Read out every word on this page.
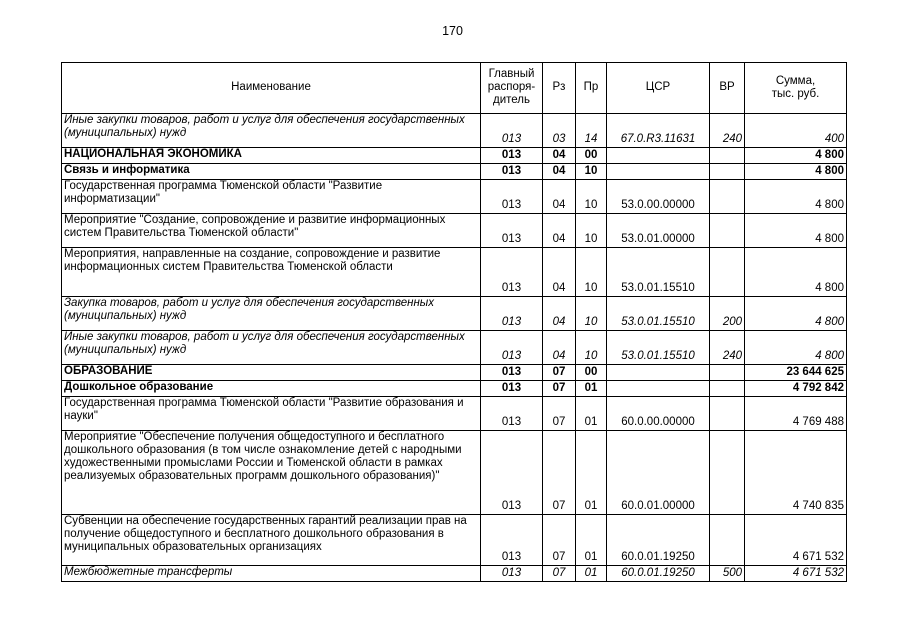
170
Наименование	Главный
распоря-
дитель	Рз	Пр	ЦСР	ВР	Сумма,
тыс. руб.
Иные закупки товаров, работ и услуг для обеспечения государственных (муниципальных) нужд	013	03	14	67.0.R3.11631	240	400
НАЦИОНАЛЬНАЯ ЭКОНОМИКА	013	04	00			4 800
Связь и информатика	013	04	10			4 800
Государственная программа Тюменской области "Развитие информатизации"	013	04	10	53.0.00.00000		4 800
Мероприятие "Создание, сопровождение и развитие информационных систем Правительства Тюменской области"	013	04	10	53.0.01.00000		4 800
Мероприятия, направленные на создание, сопровождение и развитие информационных систем Правительства Тюменской области	013	04	10	53.0.01.15510		4 800
Закупка товаров, работ и услуг для обеспечения государственных (муниципальных) нужд	013	04	10	53.0.01.15510	200	4 800
Иные закупки товаров, работ и услуг для обеспечения государственных (муниципальных) нужд	013	04	10	53.0.01.15510	240	4 800
ОБРАЗОВАНИЕ	013	07	00			23 644 625
Дошкольное образование	013	07	01			4 792 842
Государственная программа Тюменской области "Развитие образования и науки"	013	07	01	60.0.00.00000		4 769 488
Мероприятие "Обеспечение получения общедоступного и бесплатного дошкольного образования (в том числе ознакомление детей с народными художественными промыслами России и Тюменской области в рамках реализуемых образовательных программ дошкольного образования)"	013	07	01	60.0.01.00000		4 740 835
Субвенции на обеспечение государственных гарантий реализации прав на получение общедоступного и бесплатного дошкольного образования в муниципальных образовательных организациях	013	07	01	60.0.01.19250		4 671 532
Межбюджетные трансферты	013	07	01	60.0.01.19250	500	4 671 532
